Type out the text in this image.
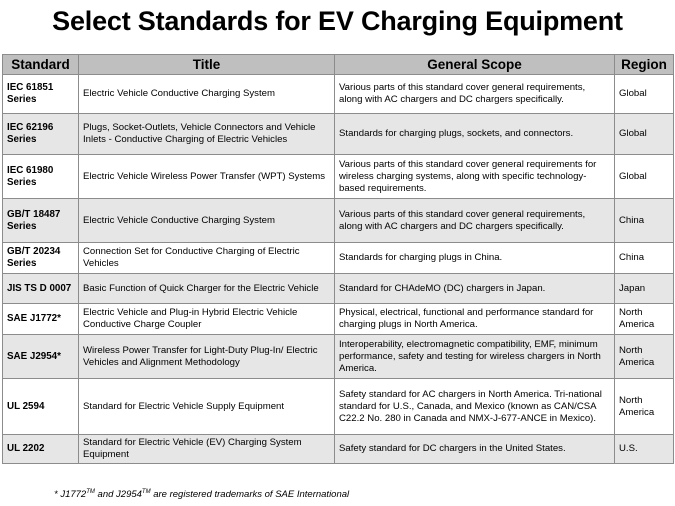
Select Standards for EV Charging Equipment
Standard	Title	General Scope	Region
IEC 61851 Series	Electric Vehicle Conductive Charging System	Various parts of this standard cover general requirements, along with AC chargers and DC chargers specifically.	Global
IEC 62196 Series	Plugs, Socket-Outlets, Vehicle Connectors and Vehicle Inlets - Conductive Charging of Electric Vehicles	Standards for charging plugs, sockets, and connectors.	Global
IEC 61980 Series	Electric Vehicle Wireless Power Transfer (WPT) Systems	Various parts of this standard cover general requirements for wireless charging systems, along with specific technology-based requirements.	Global
GB/T 18487 Series	Electric Vehicle Conductive Charging System	Various parts of this standard cover general requirements, along with AC chargers and DC chargers specifically.	China
GB/T 20234 Series	Connection Set for Conductive Charging of Electric Vehicles	Standards for charging plugs in China.	China
JIS TS D 0007	Basic Function of Quick Charger for the Electric Vehicle	Standard for CHAdeMO (DC) chargers in Japan.	Japan
SAE J1772*	Electric Vehicle and Plug-in Hybrid Electric Vehicle Conductive Charge Coupler	Physical, electrical, functional and performance standard for charging plugs in North America.	North America
SAE J2954*	Wireless Power Transfer for Light-Duty Plug-In/ Electric Vehicles and Alignment Methodology	Interoperability, electromagnetic compatibility, EMF, minimum performance, safety and testing for wireless chargers in North America.	North America
UL 2594	Standard for Electric Vehicle Supply Equipment	Safety standard for AC chargers in North America. Tri-national standard for U.S., Canada, and Mexico (known as CAN/CSA C22.2 No. 280 in Canada and NMX-J-677-ANCE in Mexico).	North America
UL 2202	Standard for Electric Vehicle (EV) Charging System Equipment	Safety standard for DC chargers in the United States.	U.S.
* J1772™ and J2954™ are registered trademarks of SAE International
